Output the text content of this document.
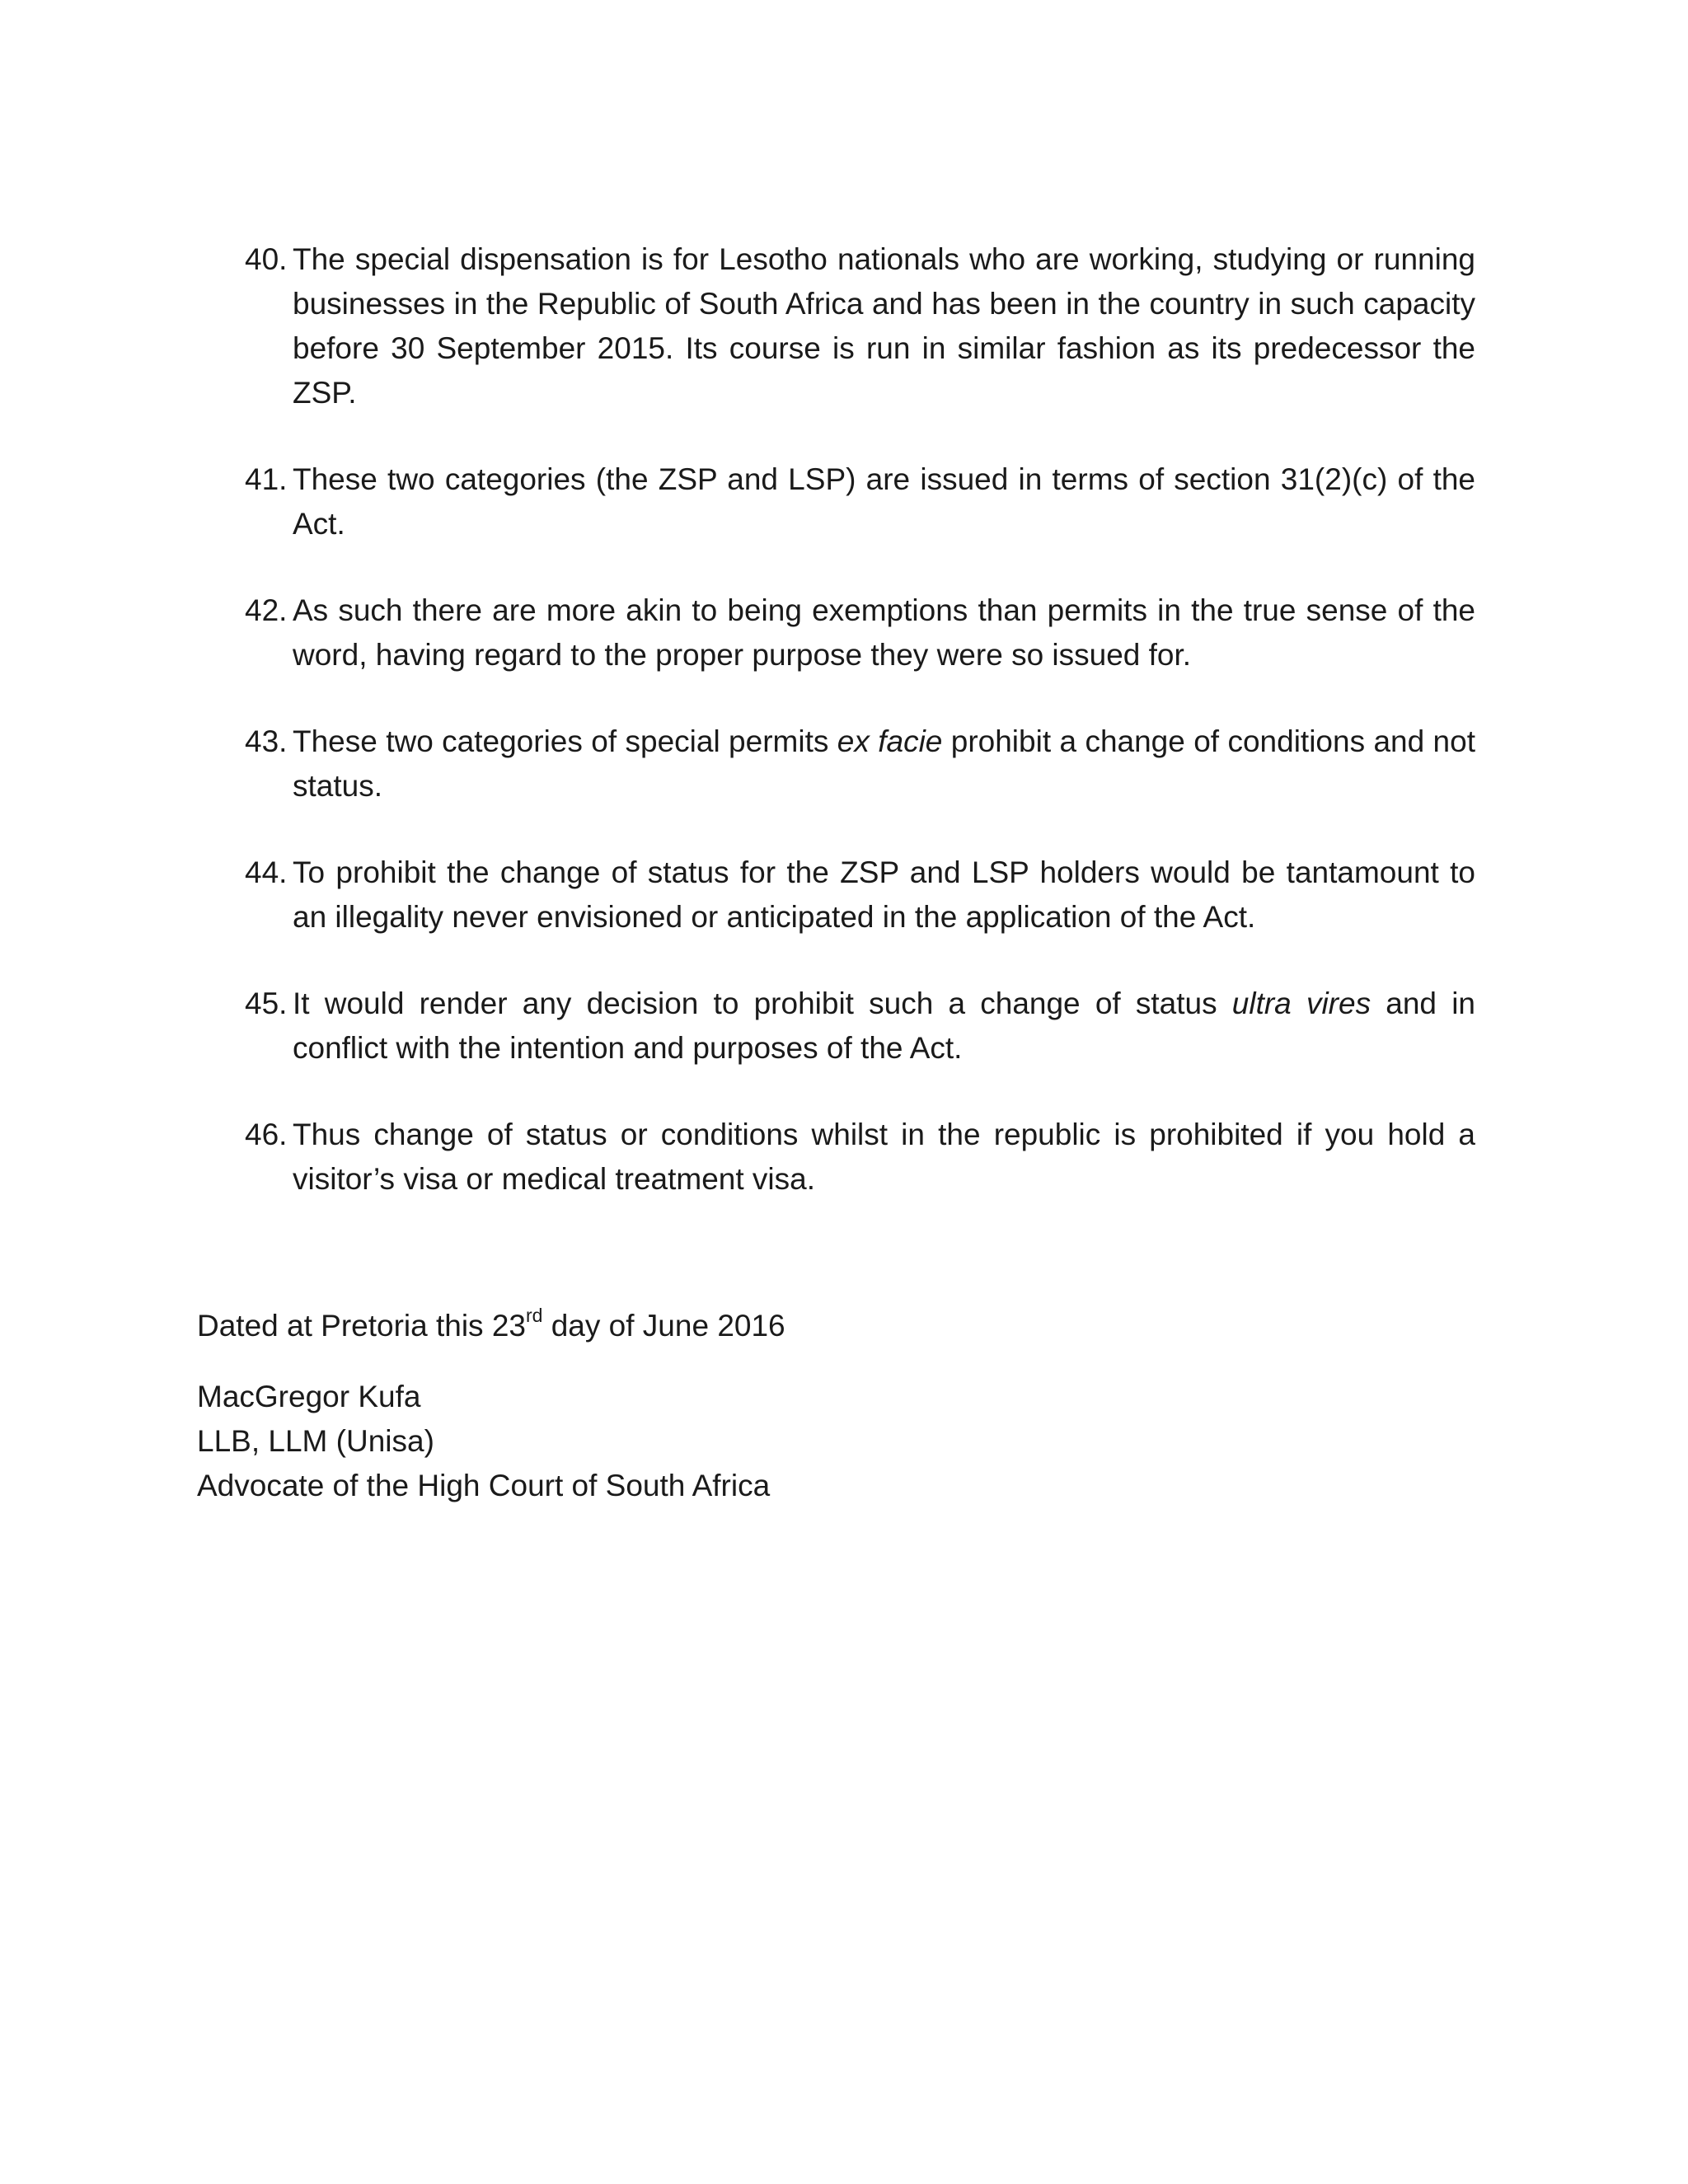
40. The special dispensation is for Lesotho nationals who are working, studying or running businesses in the Republic of South Africa and has been in the country in such capacity before 30 September 2015. Its course is run in similar fashion as its predecessor the ZSP.
41. These two categories (the ZSP and LSP) are issued in terms of section 31(2)(c) of the Act.
42. As such there are more akin to being exemptions than permits in the true sense of the word, having regard to the proper purpose they were so issued for.
43. These two categories of special permits ex facie prohibit a change of conditions and not status.
44. To prohibit the change of status for the ZSP and LSP holders would be tantamount to an illegality never envisioned or anticipated in the application of the Act.
45. It would render any decision to prohibit such a change of status ultra vires and in conflict with the intention and purposes of the Act.
46. Thus change of status or conditions whilst in the republic is prohibited if you hold a visitor’s visa or medical treatment visa.

Dated at Pretoria this 23rd day of June 2016

MacGregor Kufa

LLB, LLM (Unisa)

Advocate of the High Court of South Africa
